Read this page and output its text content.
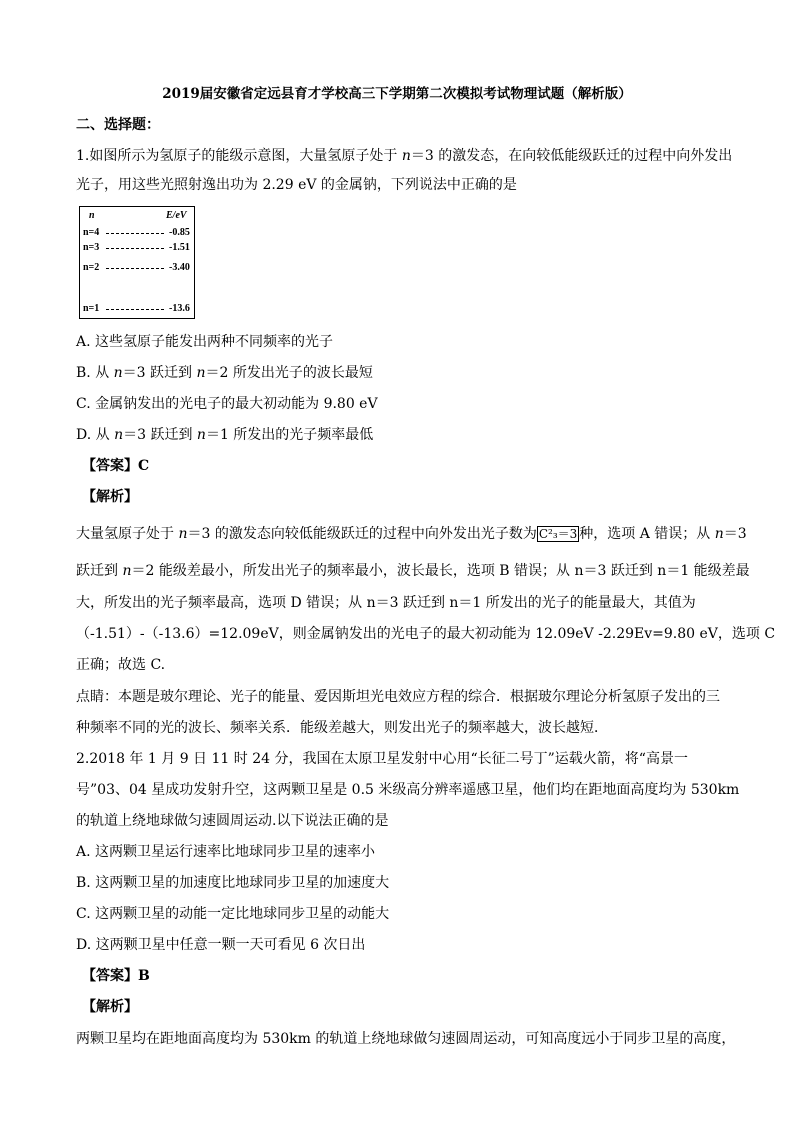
2019届安徽省定远县育才学校高三下学期第二次模拟考试物理试题（解析版）
二、选择题：
1.如图所示为氢原子的能级示意图，大量氢原子处于 n＝3 的激发态，在向较低能级跃迁的过程中向外发出
光子，用这些光照射逸出功为 2.29 eV 的金属钠，下列说法中正确的是
n	E/eV
n=4	-0.85
n=3	-1.51
n=2	-3.40
n=1	-13.6
A. 这些氢原子能发出两种不同频率的光子
B. 从 n＝3 跃迁到 n＝2 所发出光子的波长最短
C. 金属钠发出的光电子的最大初动能为 9.80 eV
D. 从 n＝3 跃迁到 n＝1 所发出的光子频率最低
【答案】C
【解析】
大量氢原子处于 n＝3 的激发态向较低能级跃迁的过程中向外发出光子数为 C²₃＝3 种，选项 A 错误；从 n＝3
跃迁到 n＝2 能级差最小，所发出光子的频率最小，波长最长，选项 B 错误；从 n＝3 跃迁到 n＝1 能级差最
大，所发出的光子频率最高，选项 D 错误；从 n＝3 跃迁到 n＝1 所发出的光子的能量最大，其值为
（-1.51）-（-13.6）=12.09eV，则金属钠发出的光电子的最大初动能为 12.09eV -2.29Ev=9.80 eV，选项 C
正确；故选 C.
点睛：本题是玻尔理论、光子的能量、爱因斯坦光电效应方程的综合．根据玻尔理论分析氢原子发出的三
种频率不同的光的波长、频率关系．能级差越大，则发出光子的频率越大，波长越短．
2.2018 年 1 月 9 日 11 时 24 分，我国在太原卫星发射中心用“长征二号丁”运载火箭，将“高景一
号”03、04 星成功发射升空，这两颗卫星是 0.5 米级高分辨率遥感卫星，他们均在距地面高度均为 530km
的轨道上绕地球做匀速圆周运动.以下说法正确的是
A. 这两颗卫星运行速率比地球同步卫星的速率小
B. 这两颗卫星的加速度比地球同步卫星的加速度大
C. 这两颗卫星的动能一定比地球同步卫星的动能大
D. 这两颗卫星中任意一颗一天可看见 6 次日出
【答案】B
【解析】
两颗卫星均在距地面高度均为 530km 的轨道上绕地球做匀速圆周运动，可知高度远小于同步卫星的高度，
